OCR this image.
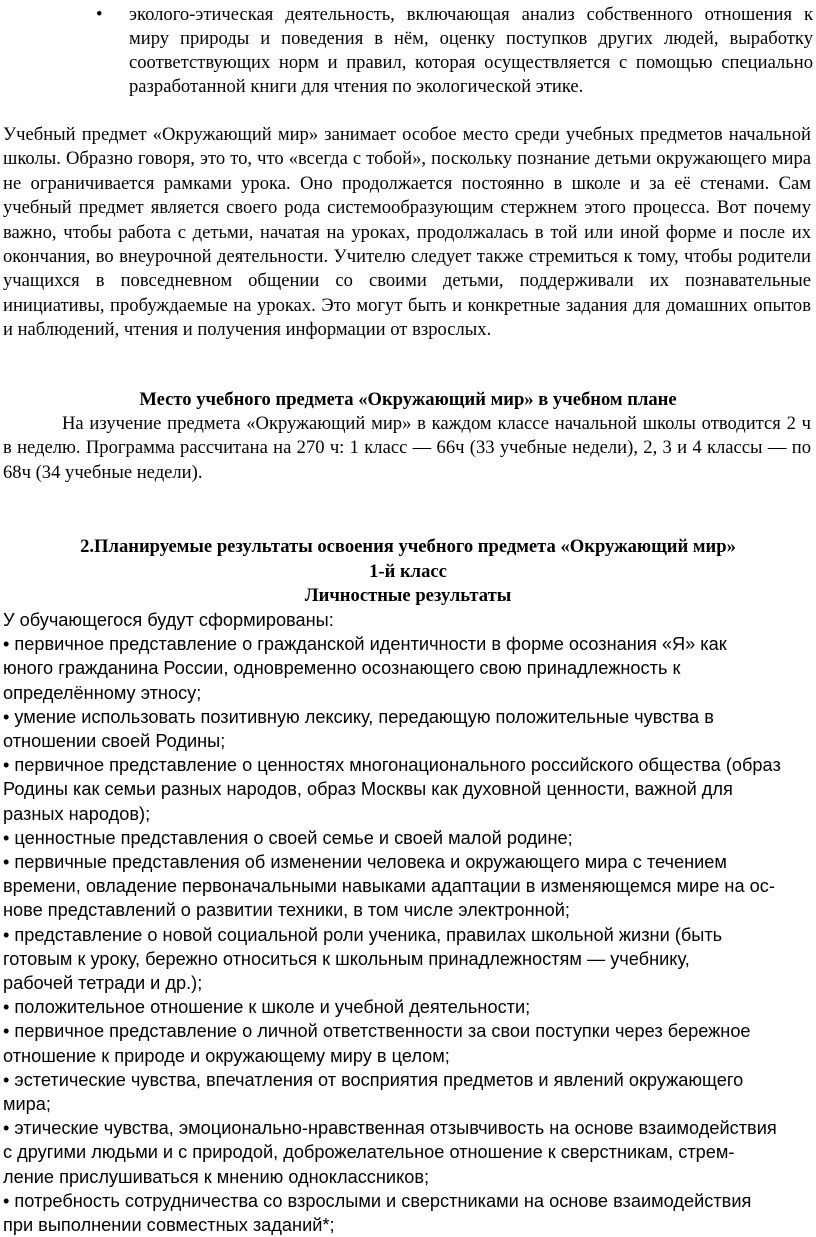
• эколого-этическая деятельность, включающая анализ собственного отношения к миру природы и поведения в нём, оценку поступков других людей, выработку соответствующих норм и правил, которая осуществляется с помощью специально разработанной книги для чтения по экологической этике.

Учебный предмет «Окружающий мир» занимает особое место среди учебных предметов начальной школы. Образно говоря, это то, что «всегда с тобой», поскольку познание детьми окружающего мира не ограничивается рамками урока. Оно продолжается постоянно в школе и за её стенами. Сам учебный предмет является своего рода системообразующим стержнем этого процесса. Вот почему важно, чтобы работа с детьми, начатая на уроках, продолжалась в той или иной форме и после их окончания, во внеурочной деятельности. Учителю следует также стремиться к тому, чтобы родители учащихся в повседневном общении со своими детьми, поддерживали их познавательные инициативы, пробуждаемые на уроках. Это могут быть и конкретные задания для домашних опытов и наблюдений, чтения и получения информации от взрослых.

Место учебного предмета «Окружающий мир» в учебном плане

На изучение предмета «Окружающий мир» в каждом классе начальной школы отводится 2 ч в неделю. Программа рассчитана на 270 ч: 1 класс — 66ч (33 учебные недели), 2, 3 и 4 классы — по 68ч (34 учебные недели).

2.Планируемые результаты освоения учебного предмета «Окружающий мир»

1-й класс

Личностные результаты

У обучающегося будут сформированы:

• первичное представление о гражданской идентичности в форме осознания «Я» как

юного гражданина России, одновременно осознающего свою принадлежность к

определённому этносу;

• умение использовать позитивную лексику, передающую положительные чувства в

отношении своей Родины;

• первичное представление о ценностях многонационального российского общества (образ

Родины как семьи разных народов, образ Москвы как духовной ценности, важной для

разных народов);

• ценностные представления о своей семье и своей малой родине;

• первичные представления об изменении человека и окружающего мира с течением

времени, овладение первоначальными навыками адаптации в изменяющемся мире на ос-

нове представлений о развитии техники, в том числе электронной;

• представление о новой социальной роли ученика, правилах школьной жизни (быть

готовым к уроку, бережно относиться к школьным принадлежностям — учебнику,

рабочей тетради и др.);

• положительное отношение к школе и учебной деятельности;

• первичное представление о личной ответственности за свои поступки через бережное

отношение к природе и окружающему миру в целом;

• эстетические чувства, впечатления от восприятия предметов и явлений окружающего

мира;

• этические чувства, эмоционально-нравственная отзывчивость на основе взаимодействия

с другими людьми и с природой, доброжелательное отношение к сверстникам, стрем-

ление прислушиваться к мнению одноклассников;

• потребность сотрудничества со взрослыми и сверстниками на основе взаимодействия

при выполнении совместных заданий*;
